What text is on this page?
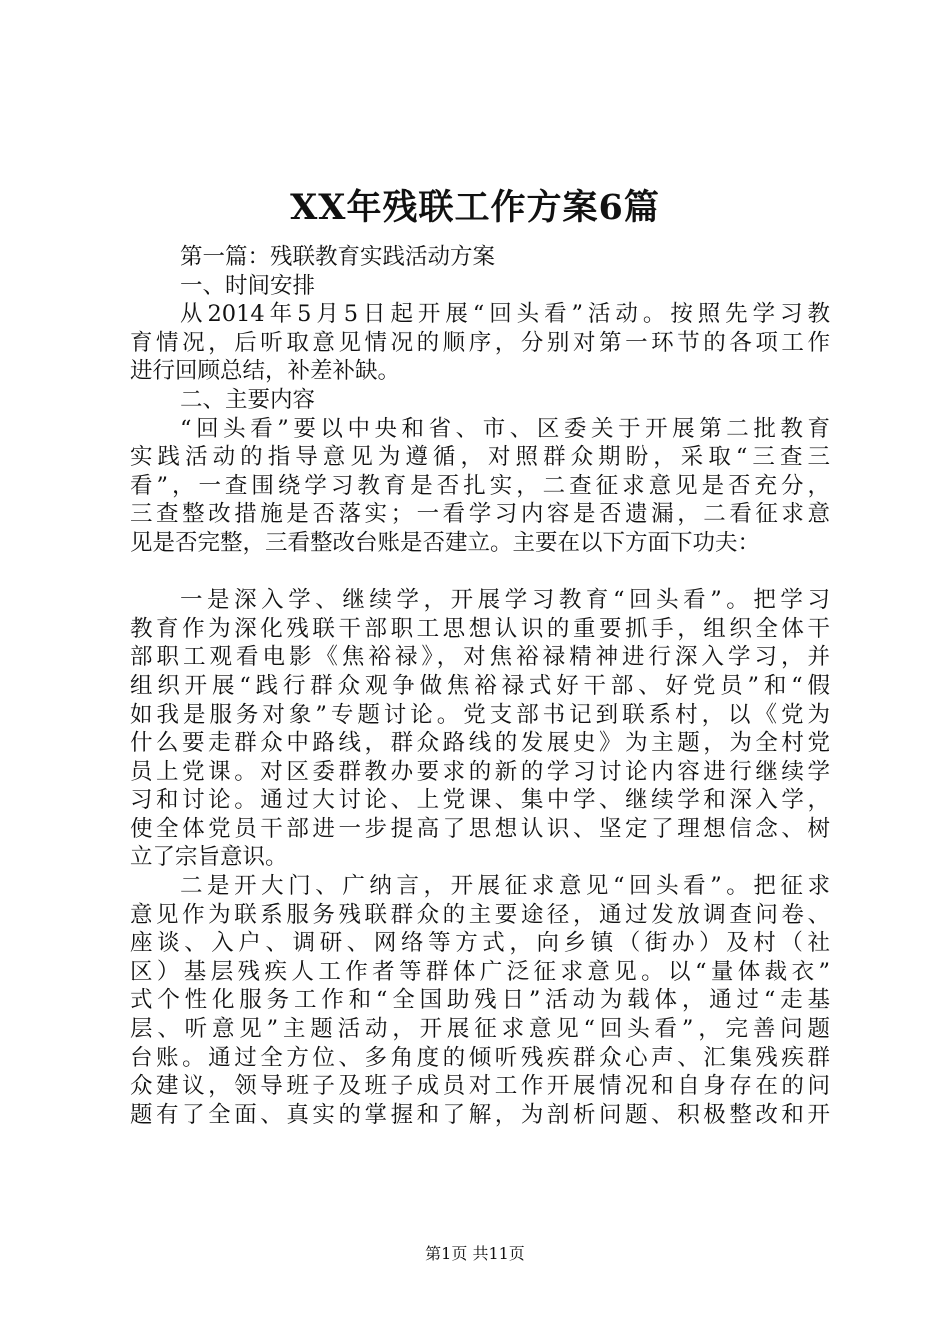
XX年残联工作方案6篇
第一篇：残联教育实践活动方案
一、时间安排
从2014年5月5日起开展“回头看”活动。按照先学习教
育情况，后听取意见情况的顺序，分别对第一环节的各项工作
进行回顾总结，补差补缺。
二、主要内容
“回头看”要以中央和省、市、区委关于开展第二批教育
实践活动的指导意见为遵循，对照群众期盼，采取“三查三
看”，一查围绕学习教育是否扎实，二查征求意见是否充分，
三查整改措施是否落实；一看学习内容是否遗漏，二看征求意
见是否完整，三看整改台账是否建立。主要在以下方面下功夫：
一是深入学、继续学，开展学习教育“回头看”。把学习
教育作为深化残联干部职工思想认识的重要抓手，组织全体干
部职工观看电影《焦裕禄》，对焦裕禄精神进行深入学习，并
组织开展“践行群众观争做焦裕禄式好干部、好党员”和“假
如我是服务对象”专题讨论。党支部书记到联系村，以《党为
什么要走群众中路线，群众路线的发展史》为主题，为全村党
员上党课。对区委群教办要求的新的学习讨论内容进行继续学
习和讨论。通过大讨论、上党课、集中学、继续学和深入学，
使全体党员干部进一步提高了思想认识、坚定了理想信念、树
立了宗旨意识。
二是开大门、广纳言，开展征求意见“回头看”。把征求
意见作为联系服务残联群众的主要途径，通过发放调查问卷、
座谈、入户、调研、网络等方式，向乡镇（街办）及村（社
区）基层残疾人工作者等群体广泛征求意见。以“量体裁衣”
式个性化服务工作和“全国助残日”活动为载体，通过“走基
层、听意见”主题活动，开展征求意见“回头看”，完善问题
台账。通过全方位、多角度的倾听残疾群众心声、汇集残疾群
众建议，领导班子及班子成员对工作开展情况和自身存在的问
题有了全面、真实的掌握和了解，为剖析问题、积极整改和开
第1页 共11页
